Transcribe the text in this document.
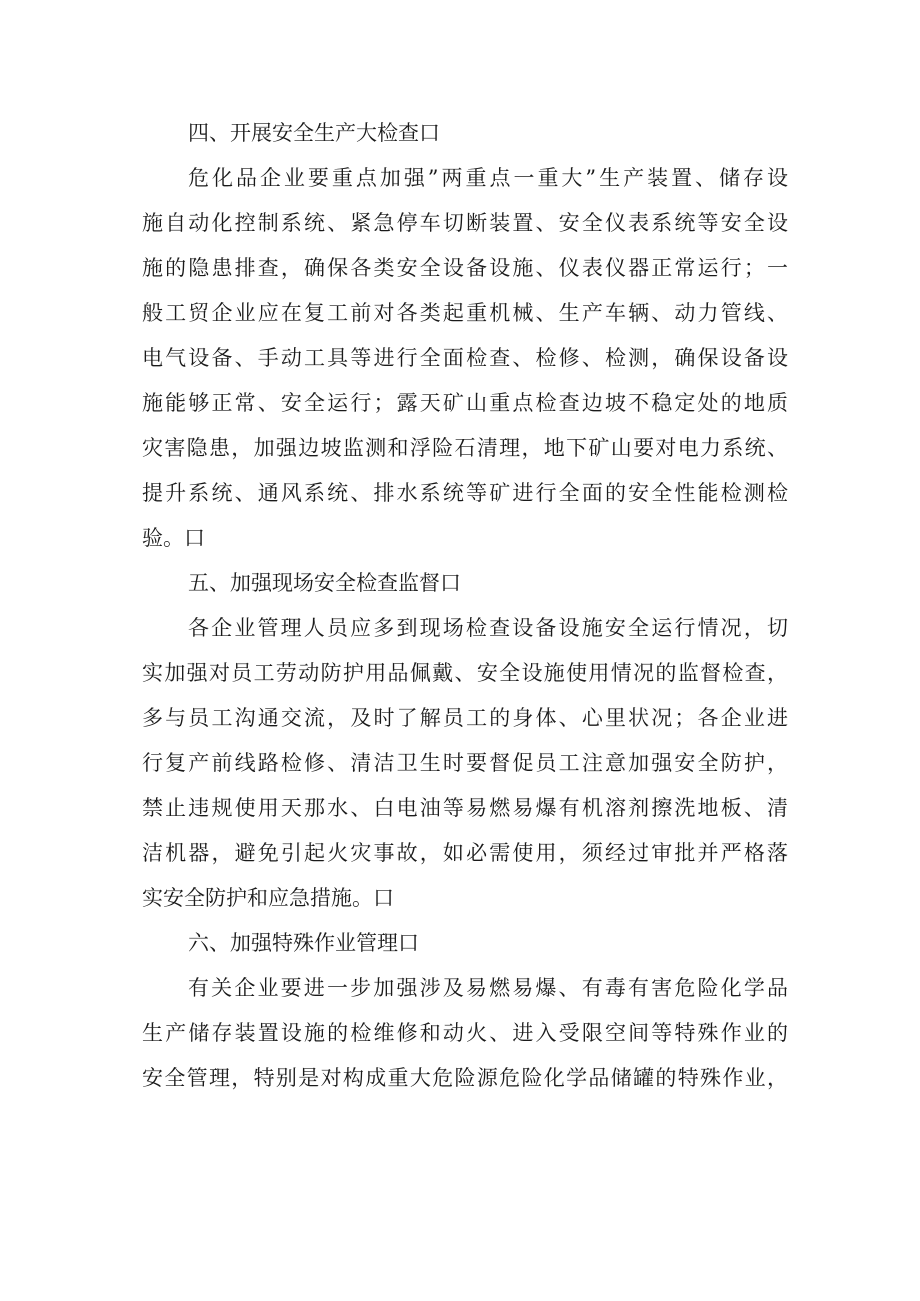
四、开展安全生产大检查口
危化品企业要重点加强”两重点一重大”生产装置、储存设
施自动化控制系统、紧急停车切断装置、安全仪表系统等安全设
施的隐患排查，确保各类安全设备设施、仪表仪器正常运行；一
般工贸企业应在复工前对各类起重机械、生产车辆、动力管线、
电气设备、手动工具等进行全面检查、检修、检测，确保设备设
施能够正常、安全运行；露天矿山重点检查边坡不稳定处的地质
灾害隐患，加强边坡监测和浮险石清理，地下矿山要对电力系统、
提升系统、通风系统、排水系统等矿进行全面的安全性能检测检
验。口
五、加强现场安全检查监督口
各企业管理人员应多到现场检查设备设施安全运行情况，切
实加强对员工劳动防护用品佩戴、安全设施使用情况的监督检查，
多与员工沟通交流，及时了解员工的身体、心里状况；各企业进
行复产前线路检修、清洁卫生时要督促员工注意加强安全防护，
禁止违规使用天那水、白电油等易燃易爆有机溶剂擦洗地板、清
洁机器，避免引起火灾事故，如必需使用，须经过审批并严格落
实安全防护和应急措施。口
六、加强特殊作业管理口
有关企业要进一步加强涉及易燃易爆、有毒有害危险化学品
生产储存装置设施的检维修和动火、进入受限空间等特殊作业的
安全管理，特别是对构成重大危险源危险化学品储罐的特殊作业，
